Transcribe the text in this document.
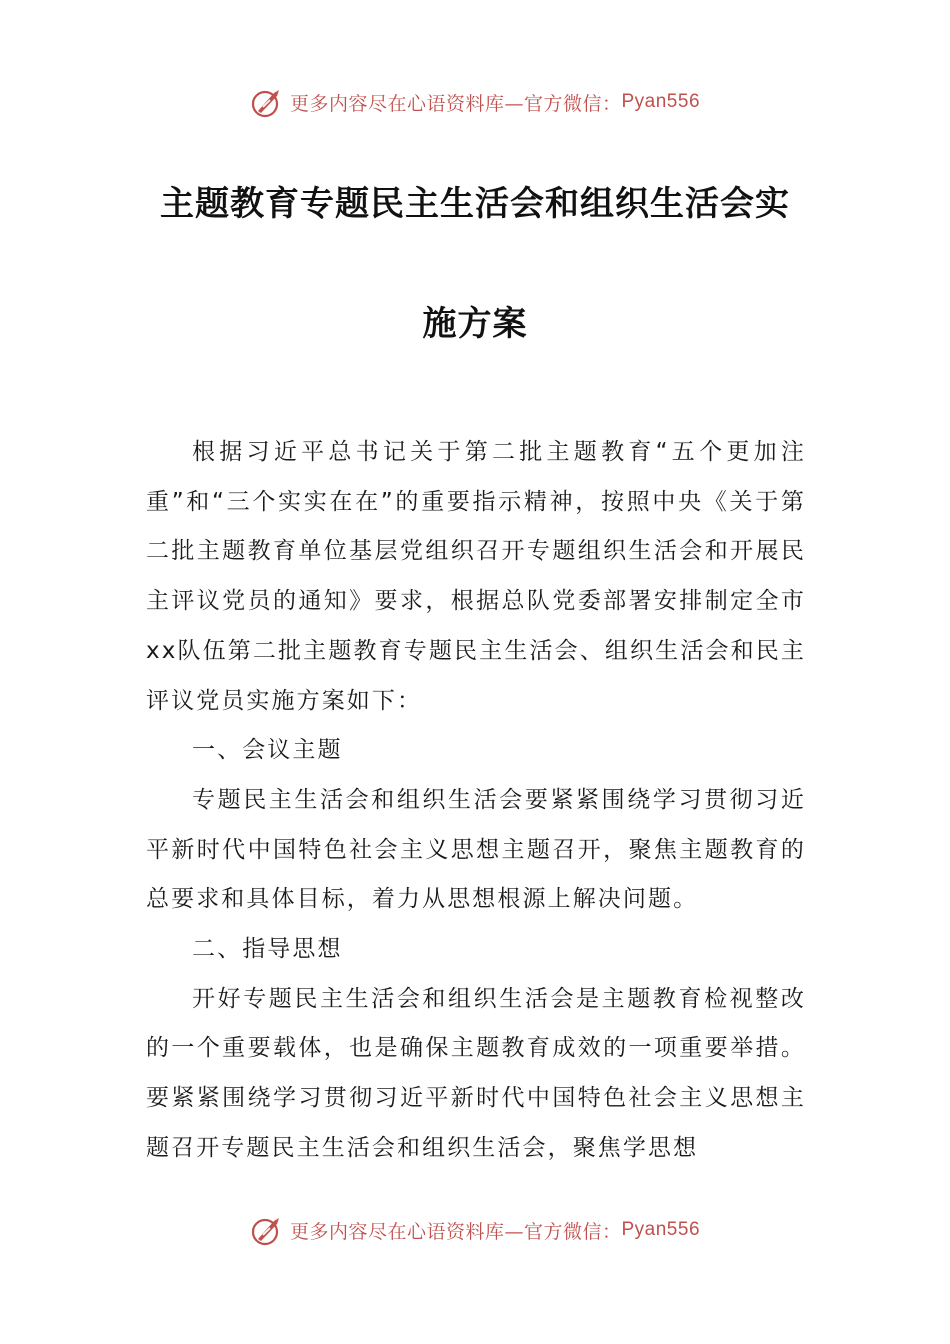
更多内容尽在心语资料库—官方微信： Pyan556
主题教育专题民主生活会和组织生活会实
施方案

根据习近平总书记关于第二批主题教育“五个更加注重”和“三个实实在在”的重要指示精神，按照中央《关于第二批主题教育单位基层党组织召开专题组织生活会和开展民主评议党员的通知》要求，根据总队党委部署安排制定全市xx队伍第二批主题教育专题民主生活会、组织生活会和民主评议党员实施方案如下：

一、会议主题

专题民主生活会和组织生活会要紧紧围绕学习贯彻习近平新时代中国特色社会主义思想主题召开，聚焦主题教育的总要求和具体目标，着力从思想根源上解决问题。

二、指导思想

开好专题民主生活会和组织生活会是主题教育检视整改的一个重要载体，也是确保主题教育成效的一项重要举措。要紧紧围绕学习贯彻习近平新时代中国特色社会主义思想主题召开专题民主生活会和组织生活会，聚焦学思想

更多内容尽在心语资料库—官方微信： Pyan556
